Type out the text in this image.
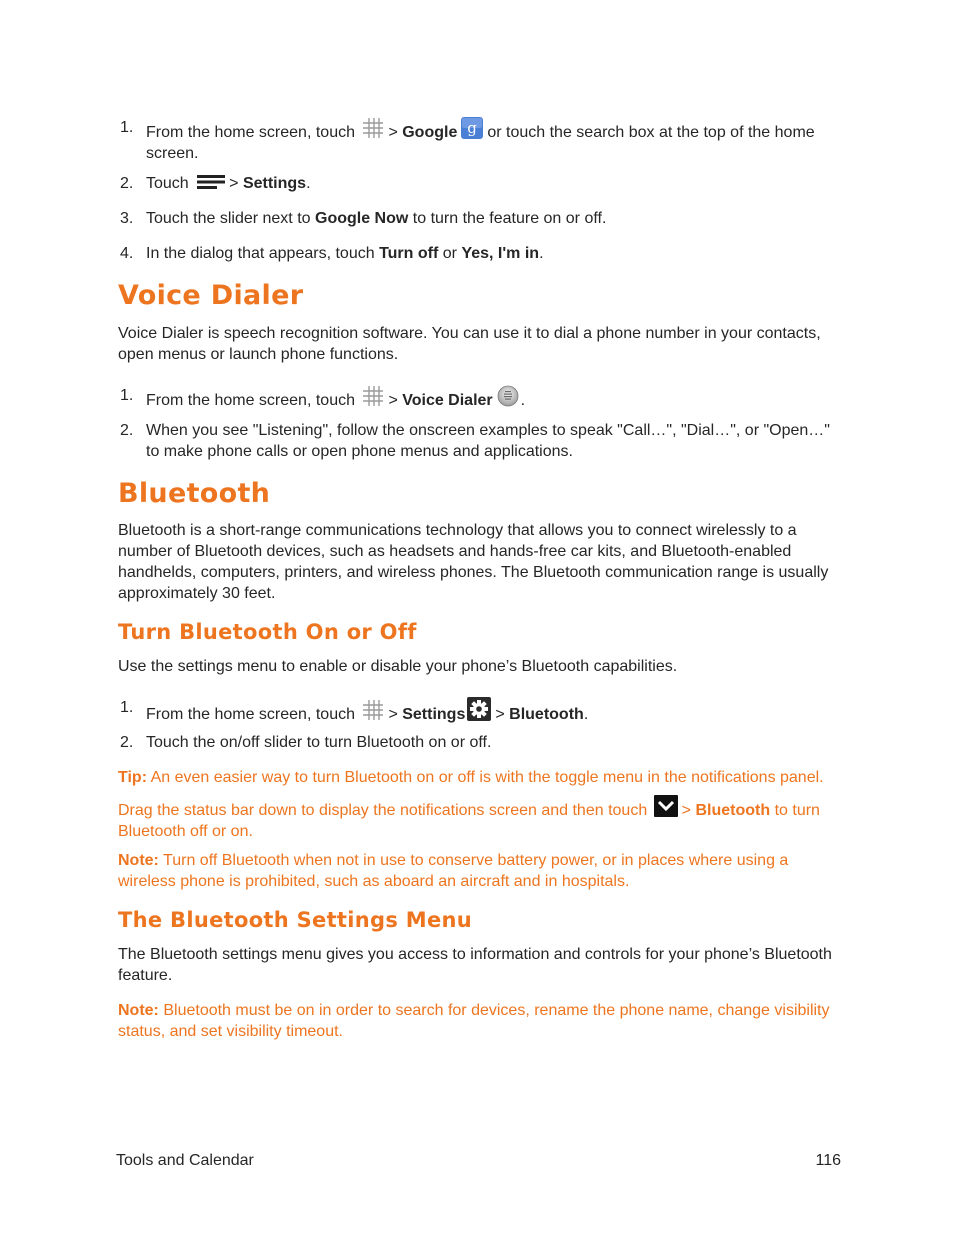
1. From the home screen, touch > Google g or touch the search box at the top of the home screen.
2. Touch	> Settings.
3. Touch the slider next to Google Now to turn the feature on or off.
4. In the dialog that appears, touch Turn off or Yes, I'm in.
Voice Dialer

Voice Dialer is speech recognition software. You can use it to dial a phone number in your contacts, open menus or launch phone functions.

1. From the home screen, touch > Voice Dialer .
2. When you see "Listening", follow the onscreen examples to speak "Call…", "Dial…", or "Open…" to make phone calls or open phone menus and applications.
Bluetooth

Bluetooth is a short-range communications technology that allows you to connect wirelessly to a number of Bluetooth devices, such as headsets and hands-free car kits, and Bluetooth-enabled handhelds, computers, printers, and wireless phones. The Bluetooth communication range is usually approximately 30 feet.

Turn Bluetooth On or Off

Use the settings menu to enable or disable your phone’s Bluetooth capabilities.

1. From the home screen, touch > Settings > Bluetooth.
2. Touch the on/off slider to turn Bluetooth on or off.

Tip: An even easier way to turn Bluetooth on or off is with the toggle menu in the notifications panel.

Drag the status bar down to display the notifications screen and then touch > Bluetooth to turn Bluetooth off or on.

Note: Turn off Bluetooth when not in use to conserve battery power, or in places where using a wireless phone is prohibited, such as aboard an aircraft and in hospitals.

The Bluetooth Settings Menu

The Bluetooth settings menu gives you access to information and controls for your phone’s Bluetooth feature.

Note: Bluetooth must be on in order to search for devices, rename the phone name, change visibility status, and set visibility timeout.

Tools and Calendar	116
